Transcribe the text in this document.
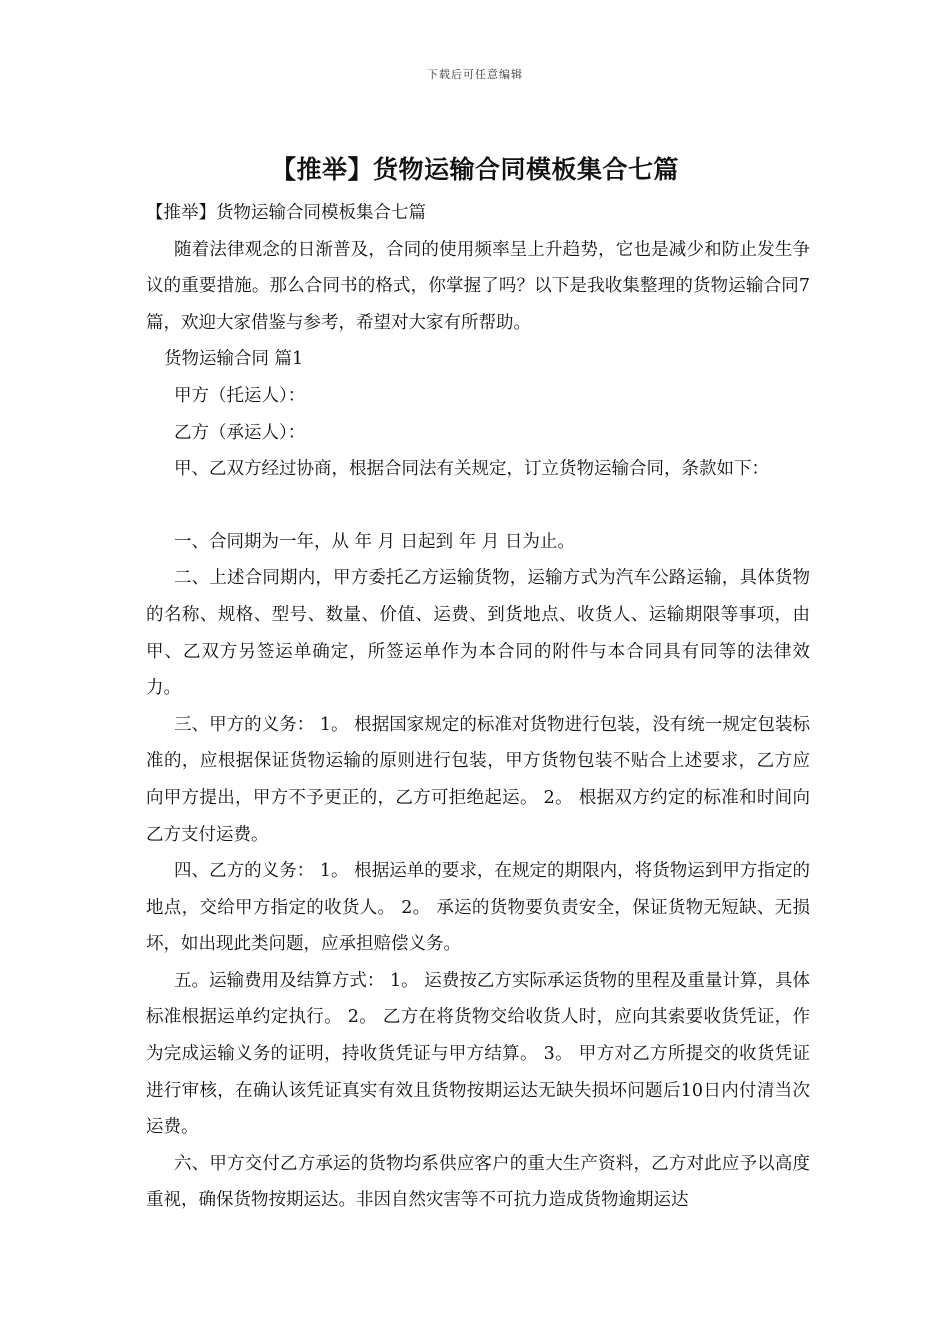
下载后可任意编辑
【推举】货物运输合同模板集合七篇

【推举】货物运输合同模板集合七篇

随着法律观念的日渐普及，合同的使用频率呈上升趋势，它也是减少和防止发生争议的重要措施。那么合同书的格式，你掌握了吗？以下是我收集整理的货物运输合同7篇，欢迎大家借鉴与参考，希望对大家有所帮助。

货物运输合同 篇1

甲方（托运人）：

乙方（承运人）：

甲、乙双方经过协商，根据合同法有关规定，订立货物运输合同，条款如下：

一、合同期为一年，从 年 月 日起到 年 月 日为止。

二、上述合同期内，甲方委托乙方运输货物，运输方式为汽车公路运输，具体货物的名称、规格、型号、数量、价值、运费、到货地点、收货人、运输期限等事项，由甲、乙双方另签运单确定，所签运单作为本合同的附件与本合同具有同等的法律效力。

三、甲方的义务： 1。 根据国家规定的标准对货物进行包装，没有统一规定包装标准的，应根据保证货物运输的原则进行包装，甲方货物包装不贴合上述要求，乙方应向甲方提出，甲方不予更正的，乙方可拒绝起运。 2。 根据双方约定的标准和时间向乙方支付运费。

四、乙方的义务： 1。 根据运单的要求，在规定的期限内，将货物运到甲方指定的地点，交给甲方指定的收货人。 2。 承运的货物要负责安全，保证货物无短缺、无损坏，如出现此类问题，应承担赔偿义务。

五。运输费用及结算方式： 1。 运费按乙方实际承运货物的里程及重量计算，具体标准根据运单约定执行。 2。 乙方在将货物交给收货人时，应向其索要收货凭证，作为完成运输义务的证明，持收货凭证与甲方结算。 3。 甲方对乙方所提交的收货凭证进行审核，在确认该凭证真实有效且货物按期运达无缺失损坏问题后10日内付清当次运费。

六、甲方交付乙方承运的货物均系供应客户的重大生产资料，乙方对此应予以高度重视，确保货物按期运达。非因自然灾害等不可抗力造成货物逾期运达
